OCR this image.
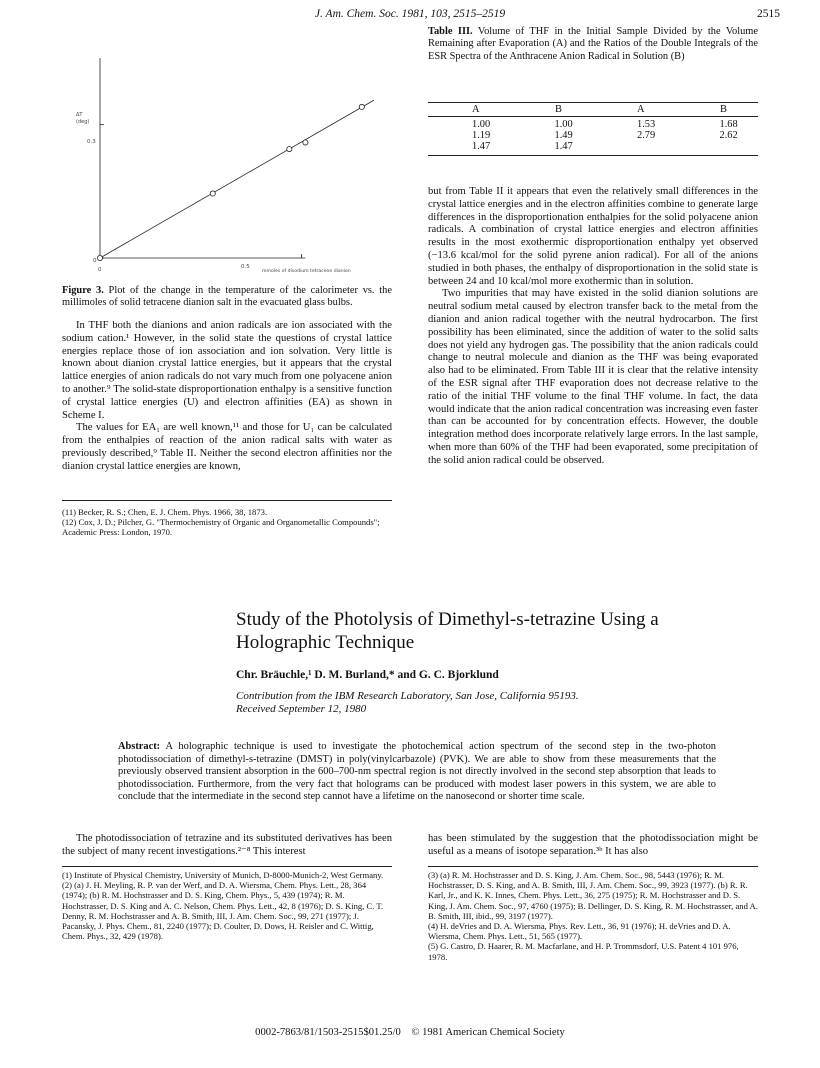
J. Am. Chem. Soc. 1981, 103, 2515–2519	2515
ΔT
(deg)
0.3
0
0	0.5
mmoles of disodium tetracene dianion
Figure 3. Plot of the change in the temperature of the calorimeter vs. the millimoles of solid tetracene dianion salt in the evacuated glass bulbs.

In THF both the dianions and anion radicals are ion associated with the sodium cation.¹ However, in the solid state the questions of crystal lattice energies replace those of ion association and ion solvation. Very little is known about dianion crystal lattice energies, but it appears that the crystal lattice energies of anion radicals do not vary much from one polyacene anion to another.⁹ The solid-state disproportionation enthalpy is a sensitive function of crystal lattice energies (U) and electron affinities (EA) as shown in Scheme I.

The values for EA₁ are well known,¹¹ and those for U₁ can be calculated from the enthalpies of reaction of the anion radical salts with water as previously described,⁹ Table II. Neither the second electron affinities nor the dianion crystal lattice energies are known,

(11) Becker, R. S.; Chen, E. J. Chem. Phys. 1966, 38, 1873.

(12) Cox, J. D.; Pilcher, G. "Thermochemistry of Organic and Organometallic Compounds"; Academic Press: London, 1970.

Table III. Volume of THF in the Initial Sample Divided by the Volume Remaining after Evaporation (A) and the Ratios of the Double Integrals of the ESR Spectra of the Anthracene Anion Radical in Solution (B)
A	B	A	B
1.00	1.00	1.53	1.68
1.19	1.49	2.79	2.62
1.47	1.47		

but from Table II it appears that even the relatively small differences in the crystal lattice energies and in the electron affinities combine to generate large differences in the disproportionation enthalpies for the solid polyacene anion radicals. A combination of crystal lattice energies and electron affinities results in the most exothermic disproportionation enthalpy yet observed (−13.6 kcal/mol for the solid pyrene anion radical). For all of the anions studied in both phases, the enthalpy of disproportionation in the solid state is between 24 and 10 kcal/mol more exothermic than in solution.

Two impurities that may have existed in the solid dianion solutions are neutral sodium metal caused by electron transfer back to the metal from the dianion and anion radical together with the neutral hydrocarbon. The first possibility has been eliminated, since the addition of water to the solid salts does not yield any hydrogen gas. The possibility that the anion radicals could change to neutral molecule and dianion as the THF was being evaporated also had to be eliminated. From Table III it is clear that the relative intensity of the ESR signal after THF evaporation does not decrease relative to the ratio of the initial THF volume to the final THF volume. In fact, the data would indicate that the anion radical concentration was increasing even faster than can be accounted for by concentration effects. However, the double integration method does incorporate relatively large errors. In the last sample, when more than 60% of the THF had been evaporated, some precipitation of the solid anion radical could be observed.

Study of the Photolysis of Dimethyl-s-tetrazine Using a
Holographic Technique
Chr. Bräuchle,¹ D. M. Burland,* and G. C. Bjorklund
Contribution from the IBM Research Laboratory, San Jose, California 95193.
Received September 12, 1980
Abstract: A holographic technique is used to investigate the photochemical action spectrum of the second step in the two-photon photodissociation of dimethyl-s-tetrazine (DMST) in poly(vinylcarbazole) (PVK). We are able to show from these measurements that the previously observed transient absorption in the 600–700-nm spectral region is not directly involved in the second step absorption that leads to photodissociation. Furthermore, from the very fact that holograms can be produced with modest laser powers in this system, we are able to conclude that the intermediate in the second step cannot have a lifetime on the nanosecond or shorter time scale.

The photodissociation of tetrazine and its substituted derivatives has been the subject of many recent investigations.²⁻⁸ This interest

has been stimulated by the suggestion that the photodissociation might be useful as a means of isotope separation.³ᵇ It has also

(1) Institute of Physical Chemistry, University of Munich, D-8000-Munich-2, West Germany.

(2) (a) J. H. Meyling, R. P. van der Werf, and D. A. Wiersma, Chem. Phys. Lett., 28, 364 (1974); (b) R. M. Hochstrasser and D. S. King, Chem. Phys., 5, 439 (1974); R. M. Hochstrasser, D. S. King and A. C. Nelson, Chem. Phys. Lett., 42, 8 (1976); D. S. King, C. T. Denny, R. M. Hochstrasser and A. B. Smith, III, J. Am. Chem. Soc., 99, 271 (1977); J. Pacansky, J. Phys. Chem., 81, 2240 (1977); D. Coulter, D. Dows, H. Reisler and C. Wittig, Chem. Phys., 32, 429 (1978).

(3) (a) R. M. Hochstrasser and D. S. King, J. Am. Chem. Soc., 98, 5443 (1976); R. M. Hochstrasser, D. S. King, and A. B. Smith, III, J. Am. Chem. Soc., 99, 3923 (1977). (b) R. R. Karl, Jr., and K. K. Innes, Chem. Phys. Lett., 36, 275 (1975); R. M. Hochstrasser and D. S. King, J. Am. Chem. Soc., 97, 4760 (1975); B. Dellinger, D. S. King, R. M. Hochstrasser, and A. B. Smith, III, ibid., 99, 3197 (1977).

(4) H. deVries and D. A. Wiersma, Phys. Rev. Lett., 36, 91 (1976); H. deVries and D. A. Wiersma, Chem. Phys. Lett., 51, 565 (1977).

(5) G. Castro, D. Haarer, R. M. Macfarlane, and H. P. Trommsdorf, U.S. Patent 4 101 976, 1978.

0002-7863/81/1503-2515$01.25/0 © 1981 American Chemical Society
